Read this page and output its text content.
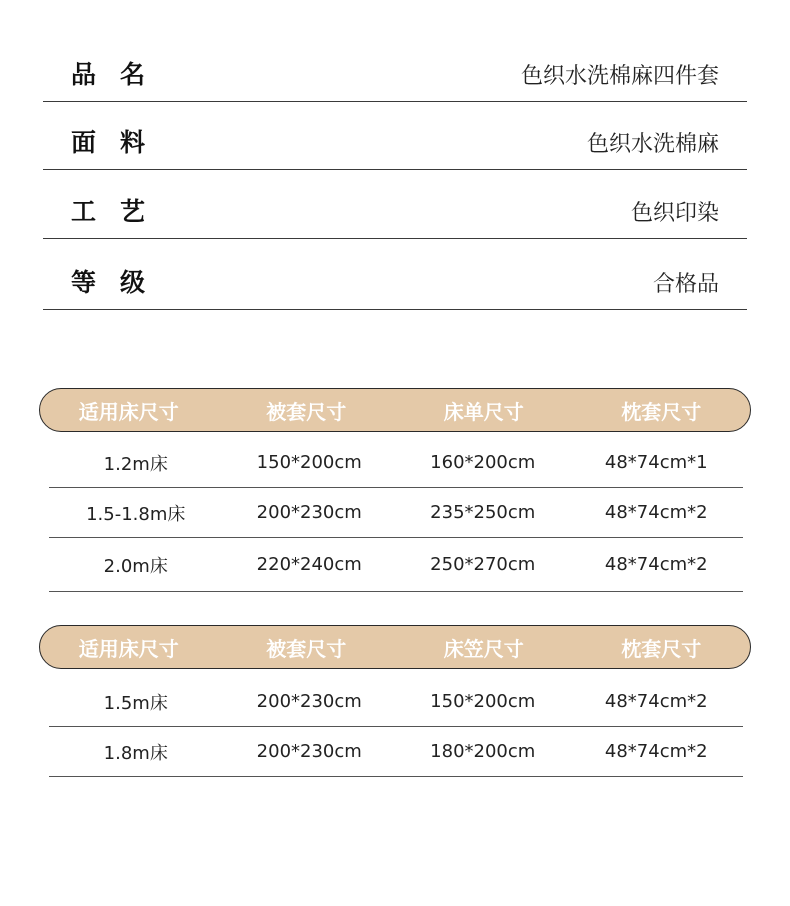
品名	色织水洗棉麻四件套
面料	色织水洗棉麻
工艺	色织印染
等级	合格品
适用床尺寸	被套尺寸	床单尺寸	枕套尺寸
1.2m床	150*200cm	160*200cm	48*74cm*1
1.5-1.8m床	200*230cm	235*250cm	48*74cm*2
2.0m床	220*240cm	250*270cm	48*74cm*2
适用床尺寸	被套尺寸	床笠尺寸	枕套尺寸
1.5m床	200*230cm	150*200cm	48*74cm*2
1.8m床	200*230cm	180*200cm	48*74cm*2
